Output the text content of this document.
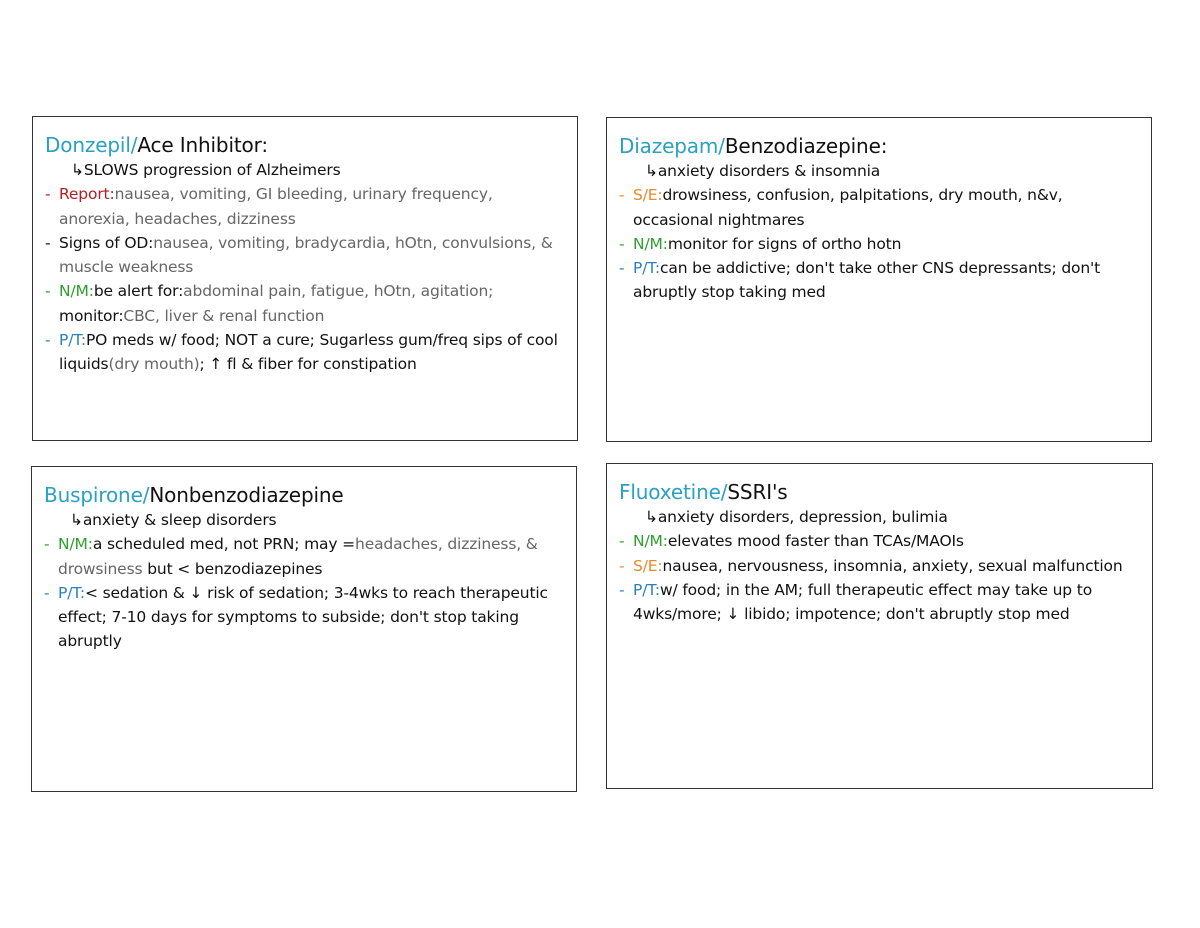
Donzepil/Ace Inhibitor:
↳SLOWS progression of Alzheimers
- Report:nausea, vomiting, GI bleeding, urinary frequency, anorexia, headaches, dizziness
- Signs of OD:nausea, vomiting, bradycardia, hOtn, convulsions, & muscle weakness
- N/M:be alert for:abdominal pain, fatigue, hOtn, agitation;
monitor:CBC, liver & renal function
- P/T:PO meds w/ food; NOT a cure; Sugarless gum/freq sips of cool liquids(dry mouth); ↑ fl & fiber for constipation
Diazepam/Benzodiazepine:
↳anxiety disorders & insomnia
- S/E:drowsiness, confusion, palpitations, dry mouth, n&v, occasional nightmares
- N/M:monitor for signs of ortho hotn
- P/T:can be addictive; don't take other CNS depressants; don't abruptly stop taking med
Buspirone/Nonbenzodiazepine
↳anxiety & sleep disorders
- N/M:a scheduled med, not PRN; may =headaches, dizziness, & drowsiness but < benzodiazepines
- P/T:< sedation & ↓ risk of sedation; 3-4wks to reach therapeutic effect; 7-10 days for symptoms to subside; don't stop taking abruptly
Fluoxetine/SSRI's
↳anxiety disorders, depression, bulimia
- N/M:elevates mood faster than TCAs/MAOIs
- S/E:nausea, nervousness, insomnia, anxiety, sexual malfunction
- P/T:w/ food; in the AM; full therapeutic effect may take up to 4wks/more; ↓ libido; impotence; don't abruptly stop med
